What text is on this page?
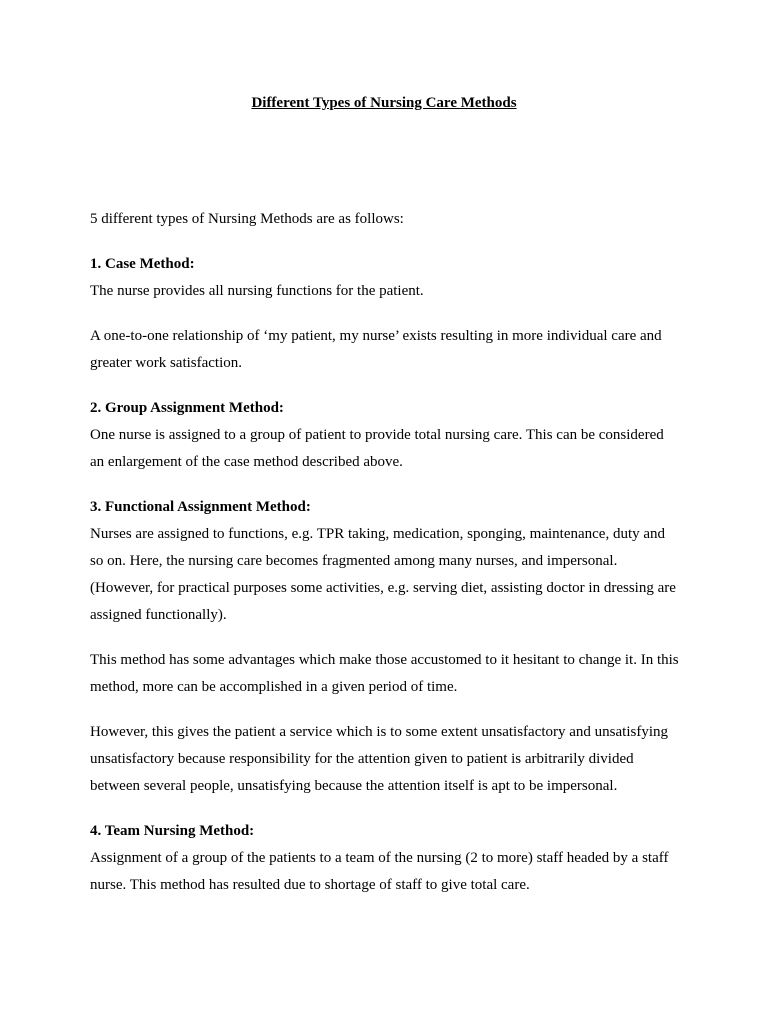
Different Types of Nursing Care Methods

5 different types of Nursing Methods are as follows:

1. Case Method:

The nurse provides all nursing functions for the patient.

A one-to-one relationship of ‘my patient, my nurse’ exists resulting in more individual care and greater work satisfaction.

2. Group Assignment Method:

One nurse is assigned to a group of patient to provide total nursing care. This can be considered an enlargement of the case method described above.

3. Functional Assignment Method:

Nurses are assigned to functions, e.g. TPR taking, medication, sponging, maintenance, duty and so on. Here, the nursing care becomes fragmented among many nurses, and impersonal. (However, for practical purposes some activities, e.g. serving diet, assisting doctor in dressing are assigned functionally).

This method has some advantages which make those accustomed to it hesitant to change it. In this method, more can be accomplished in a given period of time.

However, this gives the patient a service which is to some extent unsatisfactory and unsatisfying unsatisfactory because responsibility for the attention given to patient is arbitrarily divided between several people, unsatisfying because the attention itself is apt to be impersonal.

4. Team Nursing Method:

Assignment of a group of the patients to a team of the nursing (2 to more) staff headed by a staff nurse. This method has resulted due to shortage of staff to give total care.
